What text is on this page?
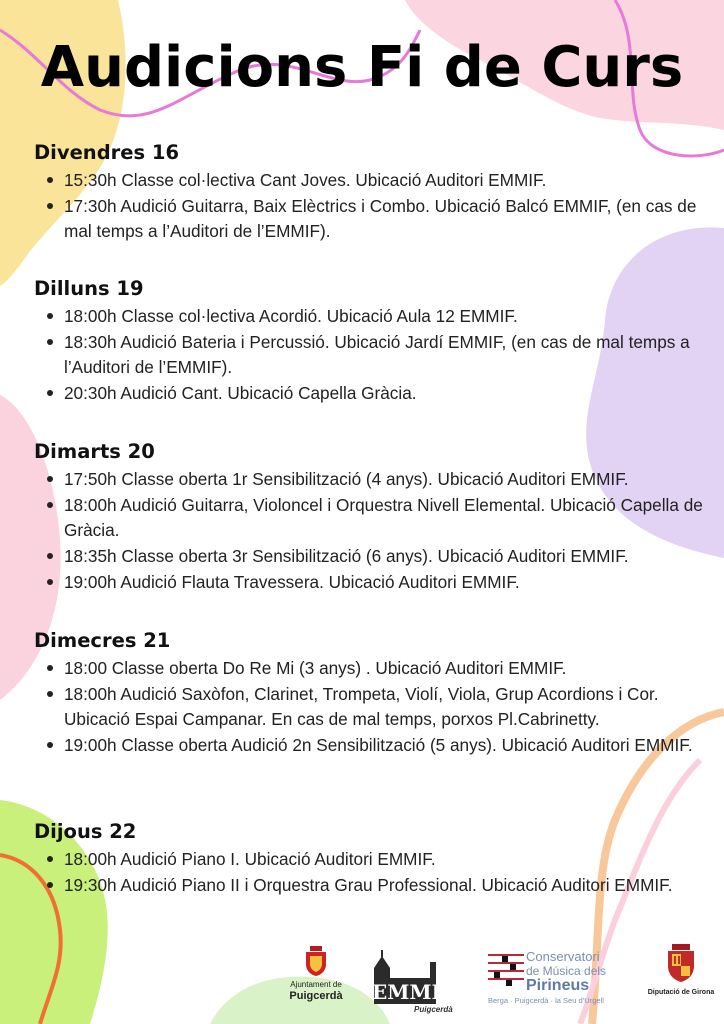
Audicions Fi de Curs
Divendres 16
15:30h Classe col·lectiva Cant Joves. Ubicació Auditori EMMIF.
17:30h Audició Guitarra, Baix Elèctrics i Combo. Ubicació Balcó EMMIF, (en cas de mal temps a l’Auditori de l’EMMIF).
Dilluns 19
18:00h Classe col·lectiva Acordió. Ubicació Aula 12 EMMIF.
18:30h Audició Bateria i Percussió. Ubicació Jardí EMMIF, (en cas de mal temps a l’Auditori de l’EMMIF).
20:30h Audició Cant. Ubicació Capella Gràcia.
Dimarts 20
17:50h Classe oberta 1r Sensibilització (4 anys). Ubicació Auditori EMMIF.
18:00h Audició Guitarra, Violoncel i Orquestra Nivell Elemental. Ubicació Capella de Gràcia.
18:35h Classe oberta 3r Sensibilització (6 anys). Ubicació Auditori EMMIF.
19:00h Audició Flauta Travessera. Ubicació Auditori EMMIF.
Dimecres 21
18:00 Classe oberta Do Re Mi (3 anys) . Ubicació Auditori EMMIF.
18:00h Audició Saxòfon, Clarinet, Trompeta, Violí, Viola, Grup Acordions i Cor. Ubicació Espai Campanar. En cas de mal temps, porxos Pl.Cabrinetty.
19:00h Classe oberta Audició 2n Sensibilització (5 anys). Ubicació Auditori EMMIF.
Dijous 22
18:00h Audició Piano I. Ubicació Auditori EMMIF.
19:30h Audició Piano II i Orquestra Grau Professional. Ubicació Auditori EMMIF.
Ajuntament de
Puigcerdà	EMMIF
Puigcerdà
Conservatori
de Música dels
Pirineus
Berga · Puigcerdà · la Seu d’Urgell
Diputació de Girona
